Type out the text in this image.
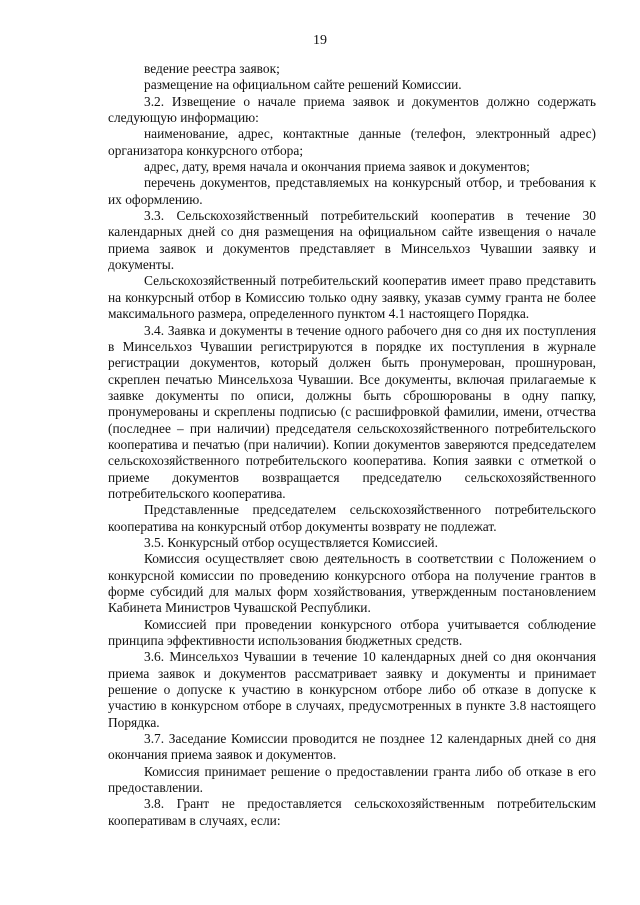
19

ведение реестра заявок;

размещение на официальном сайте решений Комиссии.

3.2. Извещение о начале приема заявок и документов должно содержать следующую информацию:

наименование, адрес, контактные данные (телефон, электронный адрес) организатора конкурсного отбора;

адрес, дату, время начала и окончания приема заявок и документов;

перечень документов, представляемых на конкурсный отбор, и требования к их оформлению.

3.3. Сельскохозяйственный потребительский кооператив в течение 30 календарных дней со дня размещения на официальном сайте извещения о начале приема заявок и документов представляет в Минсельхоз Чувашии заявку и документы.

Сельскохозяйственный потребительский кооператив имеет право представить на конкурсный отбор в Комиссию только одну заявку, указав сумму гранта не более максимального размера, определенного пунктом 4.1 настоящего Порядка.

3.4. Заявка и документы в течение одного рабочего дня со дня их поступления в Минсельхоз Чувашии регистрируются в порядке их поступления в журнале регистрации документов, который должен быть пронумерован, прошнурован, скреплен печатью Минсельхоза Чувашии. Все документы, включая прилагаемые к заявке документы по описи, должны быть сброшюрованы в одну папку, пронумерованы и скреплены подписью (с расшифровкой фамилии, имени, отчества (последнее – при наличии) председателя сельскохозяйственного потребительского кооператива и печатью (при наличии). Копии документов заверяются председателем сельскохозяйственного потребительского кооператива. Копия заявки с отметкой о приеме документов возвращается председателю сельскохозяйственного потребительского кооператива.

Представленные председателем сельскохозяйственного потребительского кооператива на конкурсный отбор документы возврату не подлежат.

3.5. Конкурсный отбор осуществляется Комиссией.

Комиссия осуществляет свою деятельность в соответствии с Положением о конкурсной комиссии по проведению конкурсного отбора на получение грантов в форме субсидий для малых форм хозяйствования, утвержденным постановлением Кабинета Министров Чувашской Республики.

Комиссией при проведении конкурсного отбора учитывается соблюдение принципа эффективности использования бюджетных средств.

3.6. Минсельхоз Чувашии в течение 10 календарных дней со дня окончания приема заявок и документов рассматривает заявку и документы и принимает решение о допуске к участию в конкурсном отборе либо об отказе в допуске к участию в конкурсном отборе в случаях, предусмотренных в пункте 3.8 настоящего Порядка.

3.7. Заседание Комиссии проводится не позднее 12 календарных дней со дня окончания приема заявок и документов.

Комиссия принимает решение о предоставлении гранта либо об отказе в его предоставлении.

3.8. Грант не предоставляется сельскохозяйственным потребительским кооперативам в случаях, если:
